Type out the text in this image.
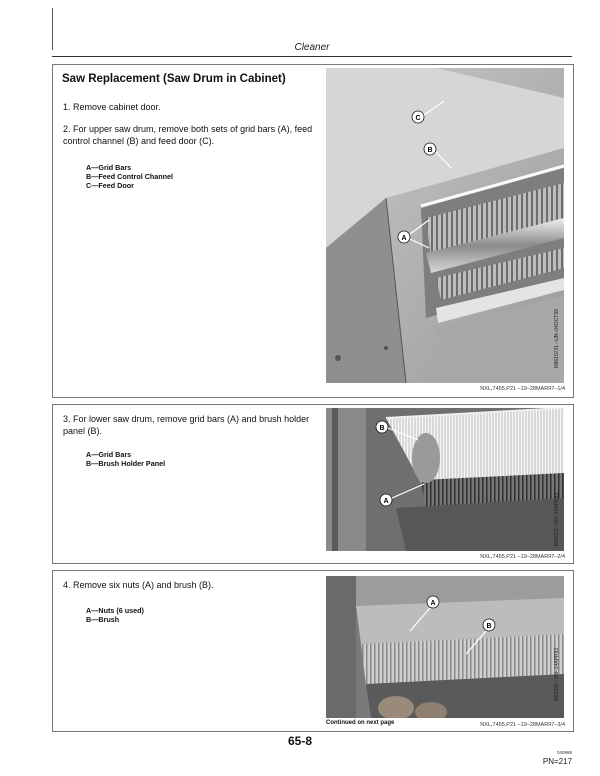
Cleaner
Saw Replacement (Saw Drum in Cabinet)
1. Remove cabinet door.
2. For upper saw drum, remove both sets of grid bars (A), feed control channel (B) and feed door (C).
A—Grid Bars
B—Feed Control Channel
C—Feed Door
C
B
A
N9615721 –UN–04OCT99
NXL,7455,P21 –19–28MAR97–1/4
3. For lower saw drum, remove grid bars (A) and brush holder panel (B).
A—Grid Bars
B—Brush Holder Panel
B
A	N62031 –UN–14APR93
NXL,7455,P21 –19–28MAR97–2/4
4. Remove six nuts (A) and brush (B).
A—Nuts (6 used)
B—Brush
A
B
N62030 –UN–14APR93
Continued on next page	NXL,7455,P21 –19–28MAR97–3/4
65-8
040995
PN=217
